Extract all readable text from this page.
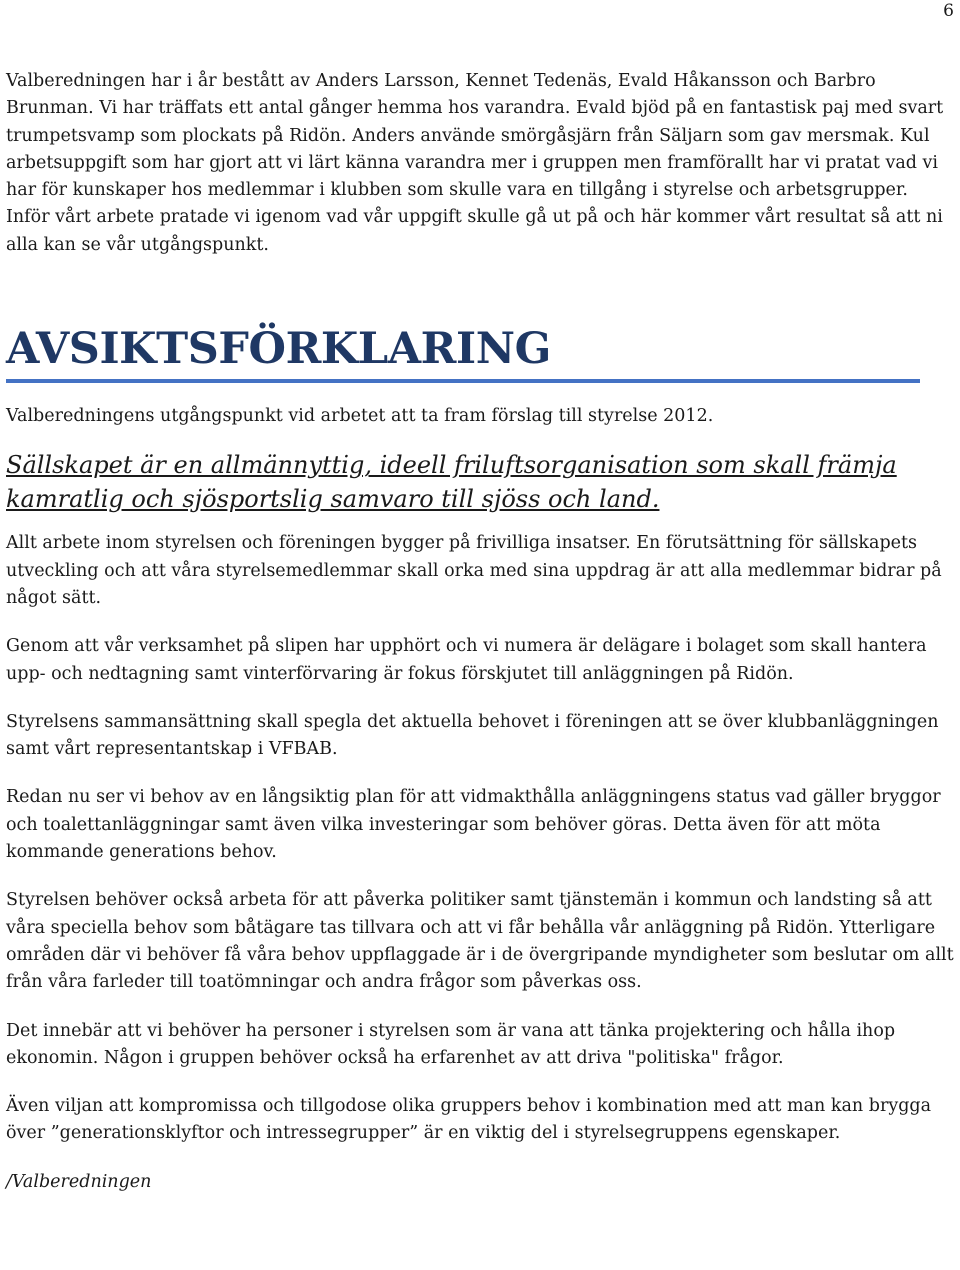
6

Valberedningen har i år bestått av Anders Larsson, Kennet Tedenäs, Evald Håkansson och Barbro Brunman. Vi har träffats ett antal gånger hemma hos varandra. Evald bjöd på en fantastisk paj med svart trumpetsvamp som plockats på Ridön. Anders använde smörgåsjärn från Säljarn som gav mersmak. Kul arbetsuppgift som har gjort att vi lärt känna varandra mer i gruppen men framförallt har vi pratat vad vi har för kunskaper hos medlemmar i klubben som skulle vara en tillgång i styrelse och arbetsgrupper. Inför vårt arbete pratade vi igenom vad vår uppgift skulle gå ut på och här kommer vårt resultat så att ni alla kan se vår utgångspunkt.

AVSIKTSFÖRKLARING

Valberedningens utgångspunkt vid arbetet att ta fram förslag till styrelse 2012.

Sällskapet är en allmännyttig, ideell friluftsorganisation som skall främja kamratlig och sjösportslig samvaro till sjöss och land.

Allt arbete inom styrelsen och föreningen bygger på frivilliga insatser. En förutsättning för sällskapets utveckling och att våra styrelsemedlemmar skall orka med sina uppdrag är att alla medlemmar bidrar på något sätt.

Genom att vår verksamhet på slipen har upphört och vi numera är delägare i bolaget som skall hantera upp- och nedtagning samt vinterförvaring är fokus förskjutet till anläggningen på Ridön.

Styrelsens sammansättning skall spegla det aktuella behovet i föreningen att se över klubbanläggningen samt vårt representantskap i VFBAB.

Redan nu ser vi behov av en långsiktig plan för att vidmakthålla anläggningens status vad gäller bryggor och toalettanläggningar samt även vilka investeringar som behöver göras. Detta även för att möta kommande generations behov.

Styrelsen behöver också arbeta för att påverka politiker samt tjänstemän i kommun och landsting så att våra speciella behov som båtägare tas tillvara och att vi får behålla vår anläggning på Ridön. Ytterligare områden där vi behöver få våra behov uppflaggade är i de övergripande myndigheter som beslutar om allt från våra farleder till toatömningar och andra frågor som påverkas oss.

Det innebär att vi behöver ha personer i styrelsen som är vana att tänka projektering och hålla ihop ekonomin. Någon i gruppen behöver också ha erfarenhet av att driva "politiska" frågor.

Även viljan att kompromissa och tillgodose olika gruppers behov i kombination med att man kan brygga över ”generationsklyftor och intressegrupper” är en viktig del i styrelsegruppens egenskaper.

/Valberedningen
